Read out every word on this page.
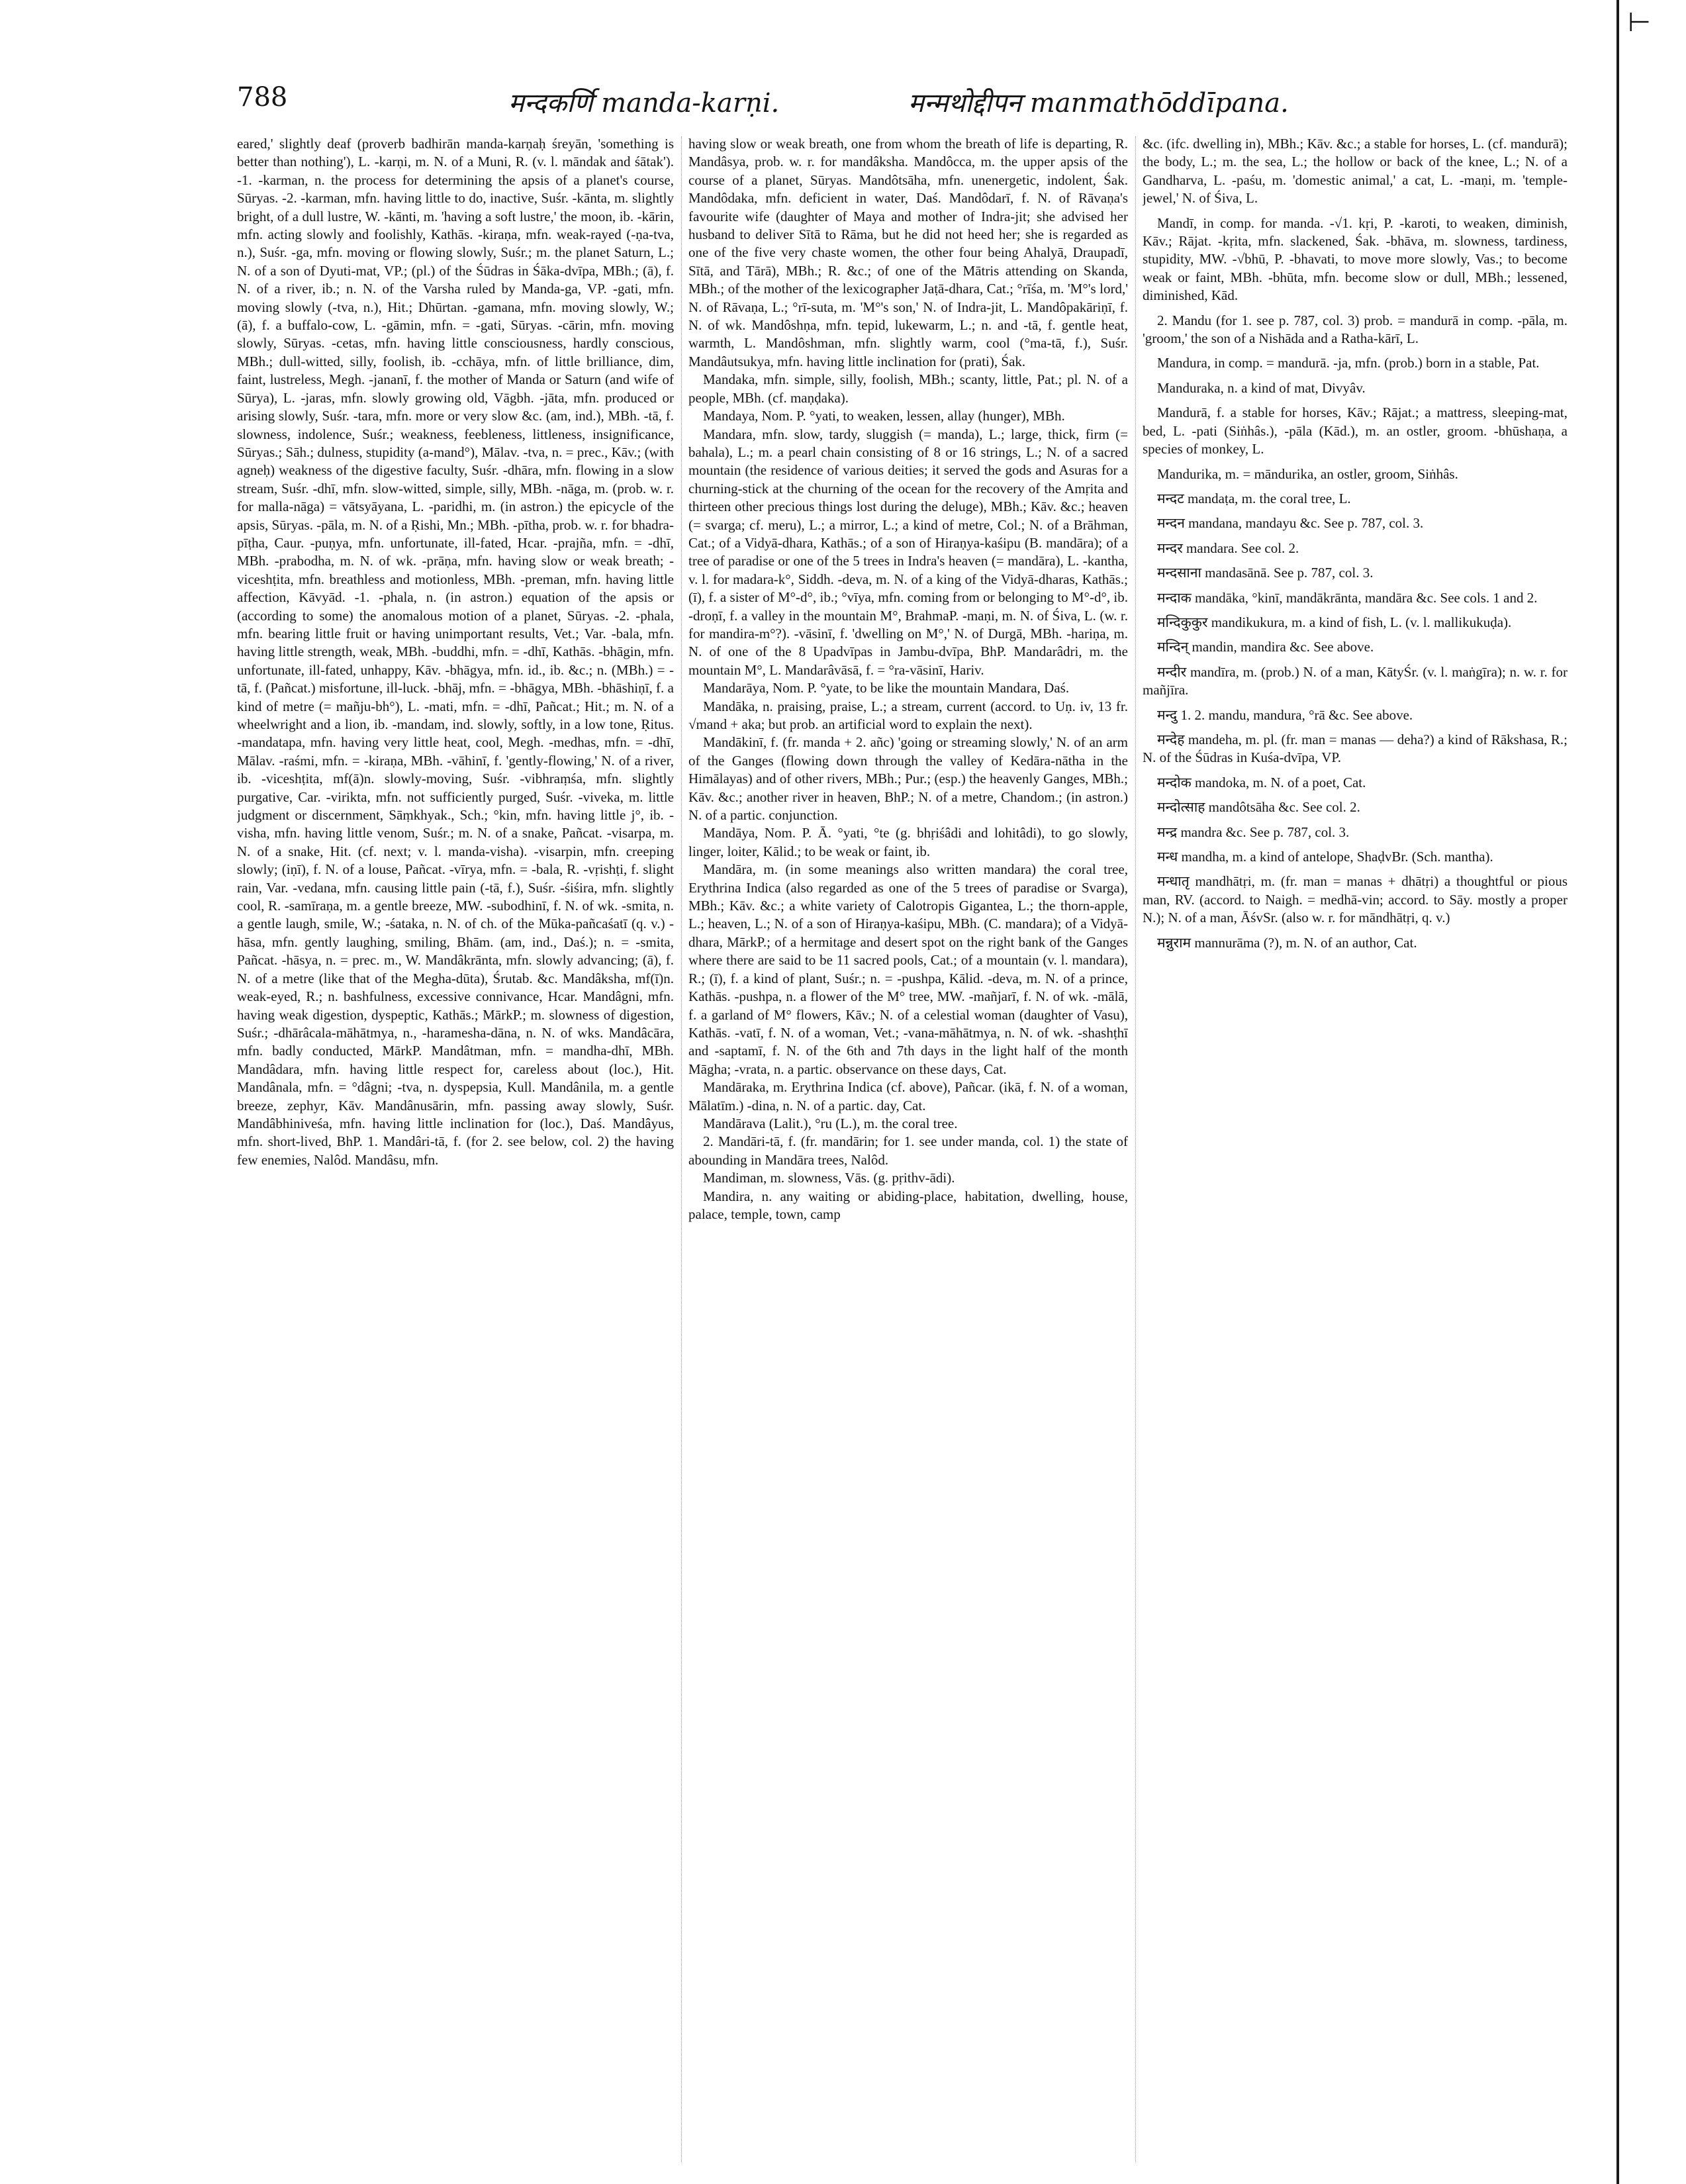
⊢
788	मन्दकर्णि manda-karṇi.	मन्मथोद्दीपन manmathōddīpana.

eared,' slightly deaf (proverb badhirān manda-karṇaḥ śreyān, 'something is better than nothing'), L. -karṇi, m. N. of a Muni, R. (v. l. māndak and śātak'). -1. -karman, n. the process for determining the apsis of a planet's course, Sūryas. -2. -karman, mfn. having little to do, inactive, Suśr. -kānta, m. slightly bright, of a dull lustre, W. -kānti, m. 'having a soft lustre,' the moon, ib. -kārin, mfn. acting slowly and foolishly, Kathās. -kiraṇa, mfn. weak-rayed (-ṇa-tva, n.), Suśr. -ga, mfn. moving or flowing slowly, Suśr.; m. the planet Saturn, L.; N. of a son of Dyuti-mat, VP.; (pl.) of the Śūdras in Śāka-dvīpa, MBh.; (ā), f. N. of a river, ib.; n. N. of the Varsha ruled by Manda-ga, VP. -gati, mfn. moving slowly (-tva, n.), Hit.; Dhūrtan. -gamana, mfn. moving slowly, W.; (ā), f. a buffalo-cow, L. -gāmin, mfn. = -gati, Sūryas. -cārin, mfn. moving slowly, Sūryas. -cetas, mfn. having little consciousness, hardly conscious, MBh.; dull-witted, silly, foolish, ib. -cchāya, mfn. of little brilliance, dim, faint, lustreless, Megh. -jananī, f. the mother of Manda or Saturn (and wife of Sūrya), L. -jaras, mfn. slowly growing old, Vāgbh. -jāta, mfn. produced or arising slowly, Suśr. -tara, mfn. more or very slow &c. (am, ind.), MBh. -tā, f. slowness, indolence, Suśr.; weakness, feebleness, littleness, insignificance, Sūryas.; Sāh.; dulness, stupidity (a-mand°), Mālav. -tva, n. = prec., Kāv.; (with agneḥ) weakness of the digestive faculty, Suśr. -dhāra, mfn. flowing in a slow stream, Suśr. -dhī, mfn. slow-witted, simple, silly, MBh. -nāga, m. (prob. w. r. for malla-nāga) = vātsyāyana, L. -paridhi, m. (in astron.) the epicycle of the apsis, Sūryas. -pāla, m. N. of a Ṛishi, Mn.; MBh. -pītha, prob. w. r. for bhadra-pīṭha, Caur. -puṇya, mfn. unfortunate, ill-fated, Hcar. -prajña, mfn. = -dhī, MBh. -prabodha, m. N. of wk. -prāṇa, mfn. having slow or weak breath; -viceshṭita, mfn. breathless and motionless, MBh. -preman, mfn. having little affection, Kāvyād. -1. -phala, n. (in astron.) equation of the apsis or (according to some) the anomalous motion of a planet, Sūryas. -2. -phala, mfn. bearing little fruit or having unimportant results, Vet.; Var. -bala, mfn. having little strength, weak, MBh. -buddhi, mfn. = -dhī, Kathās. -bhāgin, mfn. unfortunate, ill-fated, unhappy, Kāv. -bhāgya, mfn. id., ib. &c.; n. (MBh.) = -tā, f. (Pañcat.) misfortune, ill-luck. -bhāj, mfn. = -bhāgya, MBh. -bhāshiṇī, f. a kind of metre (= mañju-bh°), L. -mati, mfn. = -dhī, Pañcat.; Hit.; m. N. of a wheelwright and a lion, ib. -mandam, ind. slowly, softly, in a low tone, Ṛitus. -mandatapa, mfn. having very little heat, cool, Megh. -medhas, mfn. = -dhī, Mālav. -raśmi, mfn. = -kiraṇa, MBh. -vāhinī, f. 'gently-flowing,' N. of a river, ib. -viceshṭita, mf(ā)n. slowly-moving, Suśr. -vibhraṃśa, mfn. slightly purgative, Car. -virikta, mfn. not sufficiently purged, Suśr. -viveka, m. little judgment or discernment, Sāṃkhyak., Sch.; °kin, mfn. having little j°, ib. -visha, mfn. having little venom, Suśr.; m. N. of a snake, Pañcat. -visarpa, m. N. of a snake, Hit. (cf. next; v. l. manda-visha). -visarpin, mfn. creeping slowly; (iṇī), f. N. of a louse, Pañcat. -vīrya, mfn. = -bala, R. -vṛishṭi, f. slight rain, Var. -vedana, mfn. causing little pain (-tā, f.), Suśr. -śiśira, mfn. slightly cool, R. -samīraṇa, m. a gentle breeze, MW. -subodhinī, f. N. of wk. -smita, n. a gentle laugh, smile, W.; -śataka, n. N. of ch. of the Mūka-pañcaśatī (q. v.) -hāsa, mfn. gently laughing, smiling, Bhām. (am, ind., Daś.); n. = -smita, Pañcat. -hāsya, n. = prec. m., W. Mandâkrānta, mfn. slowly advancing; (ā), f. N. of a metre (like that of the Megha-dūta), Śrutab. &c. Mandâksha, mf(ī)n. weak-eyed, R.; n. bashfulness, excessive connivance, Hcar. Mandâgni, mfn. having weak digestion, dyspeptic, Kathās.; MārkP.; m. slowness of digestion, Suśr.; -dhārâcala-māhātmya, n., -haramesha-dāna, n. N. of wks. Mandâcāra, mfn. badly conducted, MārkP. Mandâtman, mfn. = mandha-dhī, MBh. Mandâdara, mfn. having little respect for, careless about (loc.), Hit. Mandânala, mfn. = °dâgni; -tva, n. dyspepsia, Kull. Mandânila, m. a gentle breeze, zephyr, Kāv. Mandânusārin, mfn. passing away slowly, Suśr. Mandâbhiniveśa, mfn. having little inclination for (loc.), Daś. Mandâyus, mfn. short-lived, BhP. 1. Mandâri-tā, f. (for 2. see below, col. 2) the having few enemies, Nalôd. Mandâsu, mfn.

having slow or weak breath, one from whom the breath of life is departing, R. Mandâsya, prob. w. r. for mandâksha. Mandôcca, m. the upper apsis of the course of a planet, Sūryas. Mandôtsāha, mfn. unenergetic, indolent, Śak. Mandôdaka, mfn. deficient in water, Daś. Mandôdarī, f. N. of Rāvaṇa's favourite wife (daughter of Maya and mother of Indra-jit; she advised her husband to deliver Sītā to Rāma, but he did not heed her; she is regarded as one of the five very chaste women, the other four being Ahalyā, Draupadī, Sītā, and Tārā), MBh.; R. &c.; of one of the Mātris attending on Skanda, MBh.; of the mother of the lexicographer Jaṭā-dhara, Cat.; °rīśa, m. 'M°'s lord,' N. of Rāvaṇa, L.; °rī-suta, m. 'M°'s son,' N. of Indra-jit, L. Mandôpakāriṇī, f. N. of wk. Mandôshṇa, mfn. tepid, lukewarm, L.; n. and -tā, f. gentle heat, warmth, L. Mandôshman, mfn. slightly warm, cool (°ma-tā, f.), Suśr. Mandâutsukya, mfn. having little inclination for (prati), Śak.

Mandaka, mfn. simple, silly, foolish, MBh.; scanty, little, Pat.; pl. N. of a people, MBh. (cf. maṇḍaka).

Mandaya, Nom. P. °yati, to weaken, lessen, allay (hunger), MBh.

Mandara, mfn. slow, tardy, sluggish (= manda), L.; large, thick, firm (= bahala), L.; m. a pearl chain consisting of 8 or 16 strings, L.; N. of a sacred mountain (the residence of various deities; it served the gods and Asuras for a churning-stick at the churning of the ocean for the recovery of the Amṛita and thirteen other precious things lost during the deluge), MBh.; Kāv. &c.; heaven (= svarga; cf. meru), L.; a mirror, L.; a kind of metre, Col.; N. of a Brāhman, Cat.; of a Vidyā-dhara, Kathās.; of a son of Hiraṇya-kaśipu (B. mandāra); of a tree of paradise or one of the 5 trees in Indra's heaven (= mandāra), L. -kantha, v. l. for madara-k°, Siddh. -deva, m. N. of a king of the Vidyā-dharas, Kathās.; (ī), f. a sister of M°-d°, ib.; °vīya, mfn. coming from or belonging to M°-d°, ib. -droṇī, f. a valley in the mountain M°, BrahmaP. -maṇi, m. N. of Śiva, L. (w. r. for mandira-m°?). -vāsinī, f. 'dwelling on M°,' N. of Durgā, MBh. -hariṇa, m. N. of one of the 8 Upadvīpas in Jambu-dvīpa, BhP. Mandarâdri, m. the mountain M°, L. Mandarâvāsā, f. = °ra-vāsinī, Hariv.

Mandarāya, Nom. P. °yate, to be like the mountain Mandara, Daś.

Mandāka, n. praising, praise, L.; a stream, current (accord. to Uṇ. iv, 13 fr. √mand + aka; but prob. an artificial word to explain the next).

Mandākinī, f. (fr. manda + 2. añc) 'going or streaming slowly,' N. of an arm of the Ganges (flowing down through the valley of Kedāra-nātha in the Himālayas) and of other rivers, MBh.; Pur.; (esp.) the heavenly Ganges, MBh.; Kāv. &c.; another river in heaven, BhP.; N. of a metre, Chandom.; (in astron.) N. of a partic. conjunction.

Mandāya, Nom. P. Ā. °yati, °te (g. bhṛiśâdi and lohitâdi), to go slowly, linger, loiter, Kālid.; to be weak or faint, ib.

Mandāra, m. (in some meanings also written mandara) the coral tree, Erythrina Indica (also regarded as one of the 5 trees of paradise or Svarga), MBh.; Kāv. &c.; a white variety of Calotropis Gigantea, L.; the thorn-apple, L.; heaven, L.; N. of a son of Hiraṇya-kaśipu, MBh. (C. mandara); of a Vidyā-dhara, MārkP.; of a hermitage and desert spot on the right bank of the Ganges where there are said to be 11 sacred pools, Cat.; of a mountain (v. l. mandara), R.; (ī), f. a kind of plant, Suśr.; n. = -pushpa, Kālid. -deva, m. N. of a prince, Kathās. -pushpa, n. a flower of the M° tree, MW. -mañjarī, f. N. of wk. -mālā, f. a garland of M° flowers, Kāv.; N. of a celestial woman (daughter of Vasu), Kathās. -vatī, f. N. of a woman, Vet.; -vana-māhātmya, n. N. of wk. -shashṭhī and -saptamī, f. N. of the 6th and 7th days in the light half of the month Māgha; -vrata, n. a partic. observance on these days, Cat.

Mandāraka, m. Erythrina Indica (cf. above), Pañcar. (ikā, f. N. of a woman, Mālatīm.) -dina, n. N. of a partic. day, Cat.

Mandārava (Lalit.), °ru (L.), m. the coral tree.

2. Mandāri-tā, f. (fr. mandārin; for 1. see under manda, col. 1) the state of abounding in Mandāra trees, Nalôd.

Mandiman, m. slowness, Vās. (g. pṛithv-ādi).

Mandira, n. any waiting or abiding-place, habitation, dwelling, house, palace, temple, town, camp

&c. (ifc. dwelling in), MBh.; Kāv. &c.; a stable for horses, L. (cf. mandurā); the body, L.; m. the sea, L.; the hollow or back of the knee, L.; N. of a Gandharva, L. -paśu, m. 'domestic animal,' a cat, L. -maṇi, m. 'temple-jewel,' N. of Śiva, L.

Mandī, in comp. for manda. -√1. kṛi, P. -karoti, to weaken, diminish, Kāv.; Rājat. -kṛita, mfn. slackened, Śak. -bhāva, m. slowness, tardiness, stupidity, MW. -√bhū, P. -bhavati, to move more slowly, Vas.; to become weak or faint, MBh. -bhūta, mfn. become slow or dull, MBh.; lessened, diminished, Kād.

2. Mandu (for 1. see p. 787, col. 3) prob. = mandurā in comp. -pāla, m. 'groom,' the son of a Nishāda and a Ratha-kārī, L.

Mandura, in comp. = mandurā. -ja, mfn. (prob.) born in a stable, Pat.

Manduraka, n. a kind of mat, Divyâv.

Mandurā, f. a stable for horses, Kāv.; Rājat.; a mattress, sleeping-mat, bed, L. -pati (Siṅhâs.), -pāla (Kād.), m. an ostler, groom. -bhūshaṇa, a species of monkey, L.

Mandurika, m. = māndurika, an ostler, groom, Siṅhâs.

मन्दट mandaṭa, m. the coral tree, L.

मन्दन mandana, mandayu &c. See p. 787, col. 3.

मन्दर mandara. See col. 2.

मन्दसाना mandasānā. See p. 787, col. 3.

मन्दाक mandāka, °kinī, mandākrānta, mandāra &c. See cols. 1 and 2.

मन्दिकुकुर mandikukura, m. a kind of fish, L. (v. l. mallikukuḍa).

मन्दिन् mandin, mandira &c. See above.

मन्दीर mandīra, m. (prob.) N. of a man, KātyŚr. (v. l. maṅgīra); n. w. r. for mañjīra.

मन्दु 1. 2. mandu, mandura, °rā &c. See above.

मन्देह mandeha, m. pl. (fr. man = manas — deha?) a kind of Rākshasa, R.; N. of the Śūdras in Kuśa-dvīpa, VP.

मन्दोक mandoka, m. N. of a poet, Cat.

मन्दोत्साह mandôtsāha &c. See col. 2.

मन्द्र mandra &c. See p. 787, col. 3.

मन्ध mandha, m. a kind of antelope, ShaḍvBr. (Sch. mantha).

मन्धातृ mandhātṛi, m. (fr. man = manas + dhātṛi) a thoughtful or pious man, RV. (accord. to Naigh. = medhā-vin; accord. to Sāy. mostly a proper N.); N. of a man, ĀśvSr. (also w. r. for māndhātṛi, q. v.)

मन्नुराम mannurāma (?), m. N. of an author, Cat.
